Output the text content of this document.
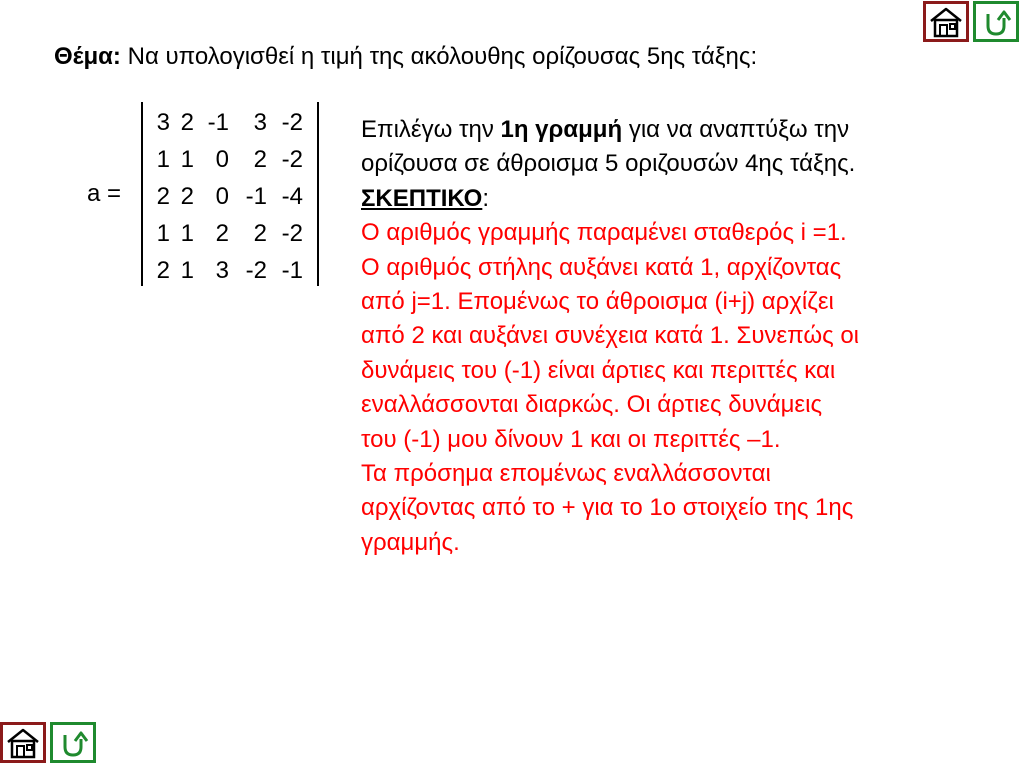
Θέμα: Να υπολογισθεί η τιμή της ακόλουθης ορίζουσας 5ης τάξης:
a =
3	2	-1	3	-2
1	1	0	2	-2
2	2	0	-1	-4
1	1	2	2	-2
2	1	3	-2	-1
Επιλέγω την 1η γραμμή για να αναπτύξω την
ορίζουσα σε άθροισμα 5 οριζουσών 4ης τάξης.
ΣΚΕΠΤΙΚΟ:
Ο αριθμός γραμμής παραμένει σταθερός i =1.
Ο αριθμός στήλης αυξάνει κατά 1, αρχίζοντας
από j=1. Επομένως το άθροισμα (i+j) αρχίζει
από 2 και αυξάνει συνέχεια κατά 1. Συνεπώς οι
δυνάμεις του (-1) είναι άρτιες και περιττές και
εναλλάσσονται διαρκώς. Οι άρτιες δυνάμεις
του (-1) μου δίνουν 1 και οι περιττές –1.
Τα πρόσημα επομένως εναλλάσσονται
αρχίζοντας από το + για το 1ο στοιχείο της 1ης
γραμμής.
